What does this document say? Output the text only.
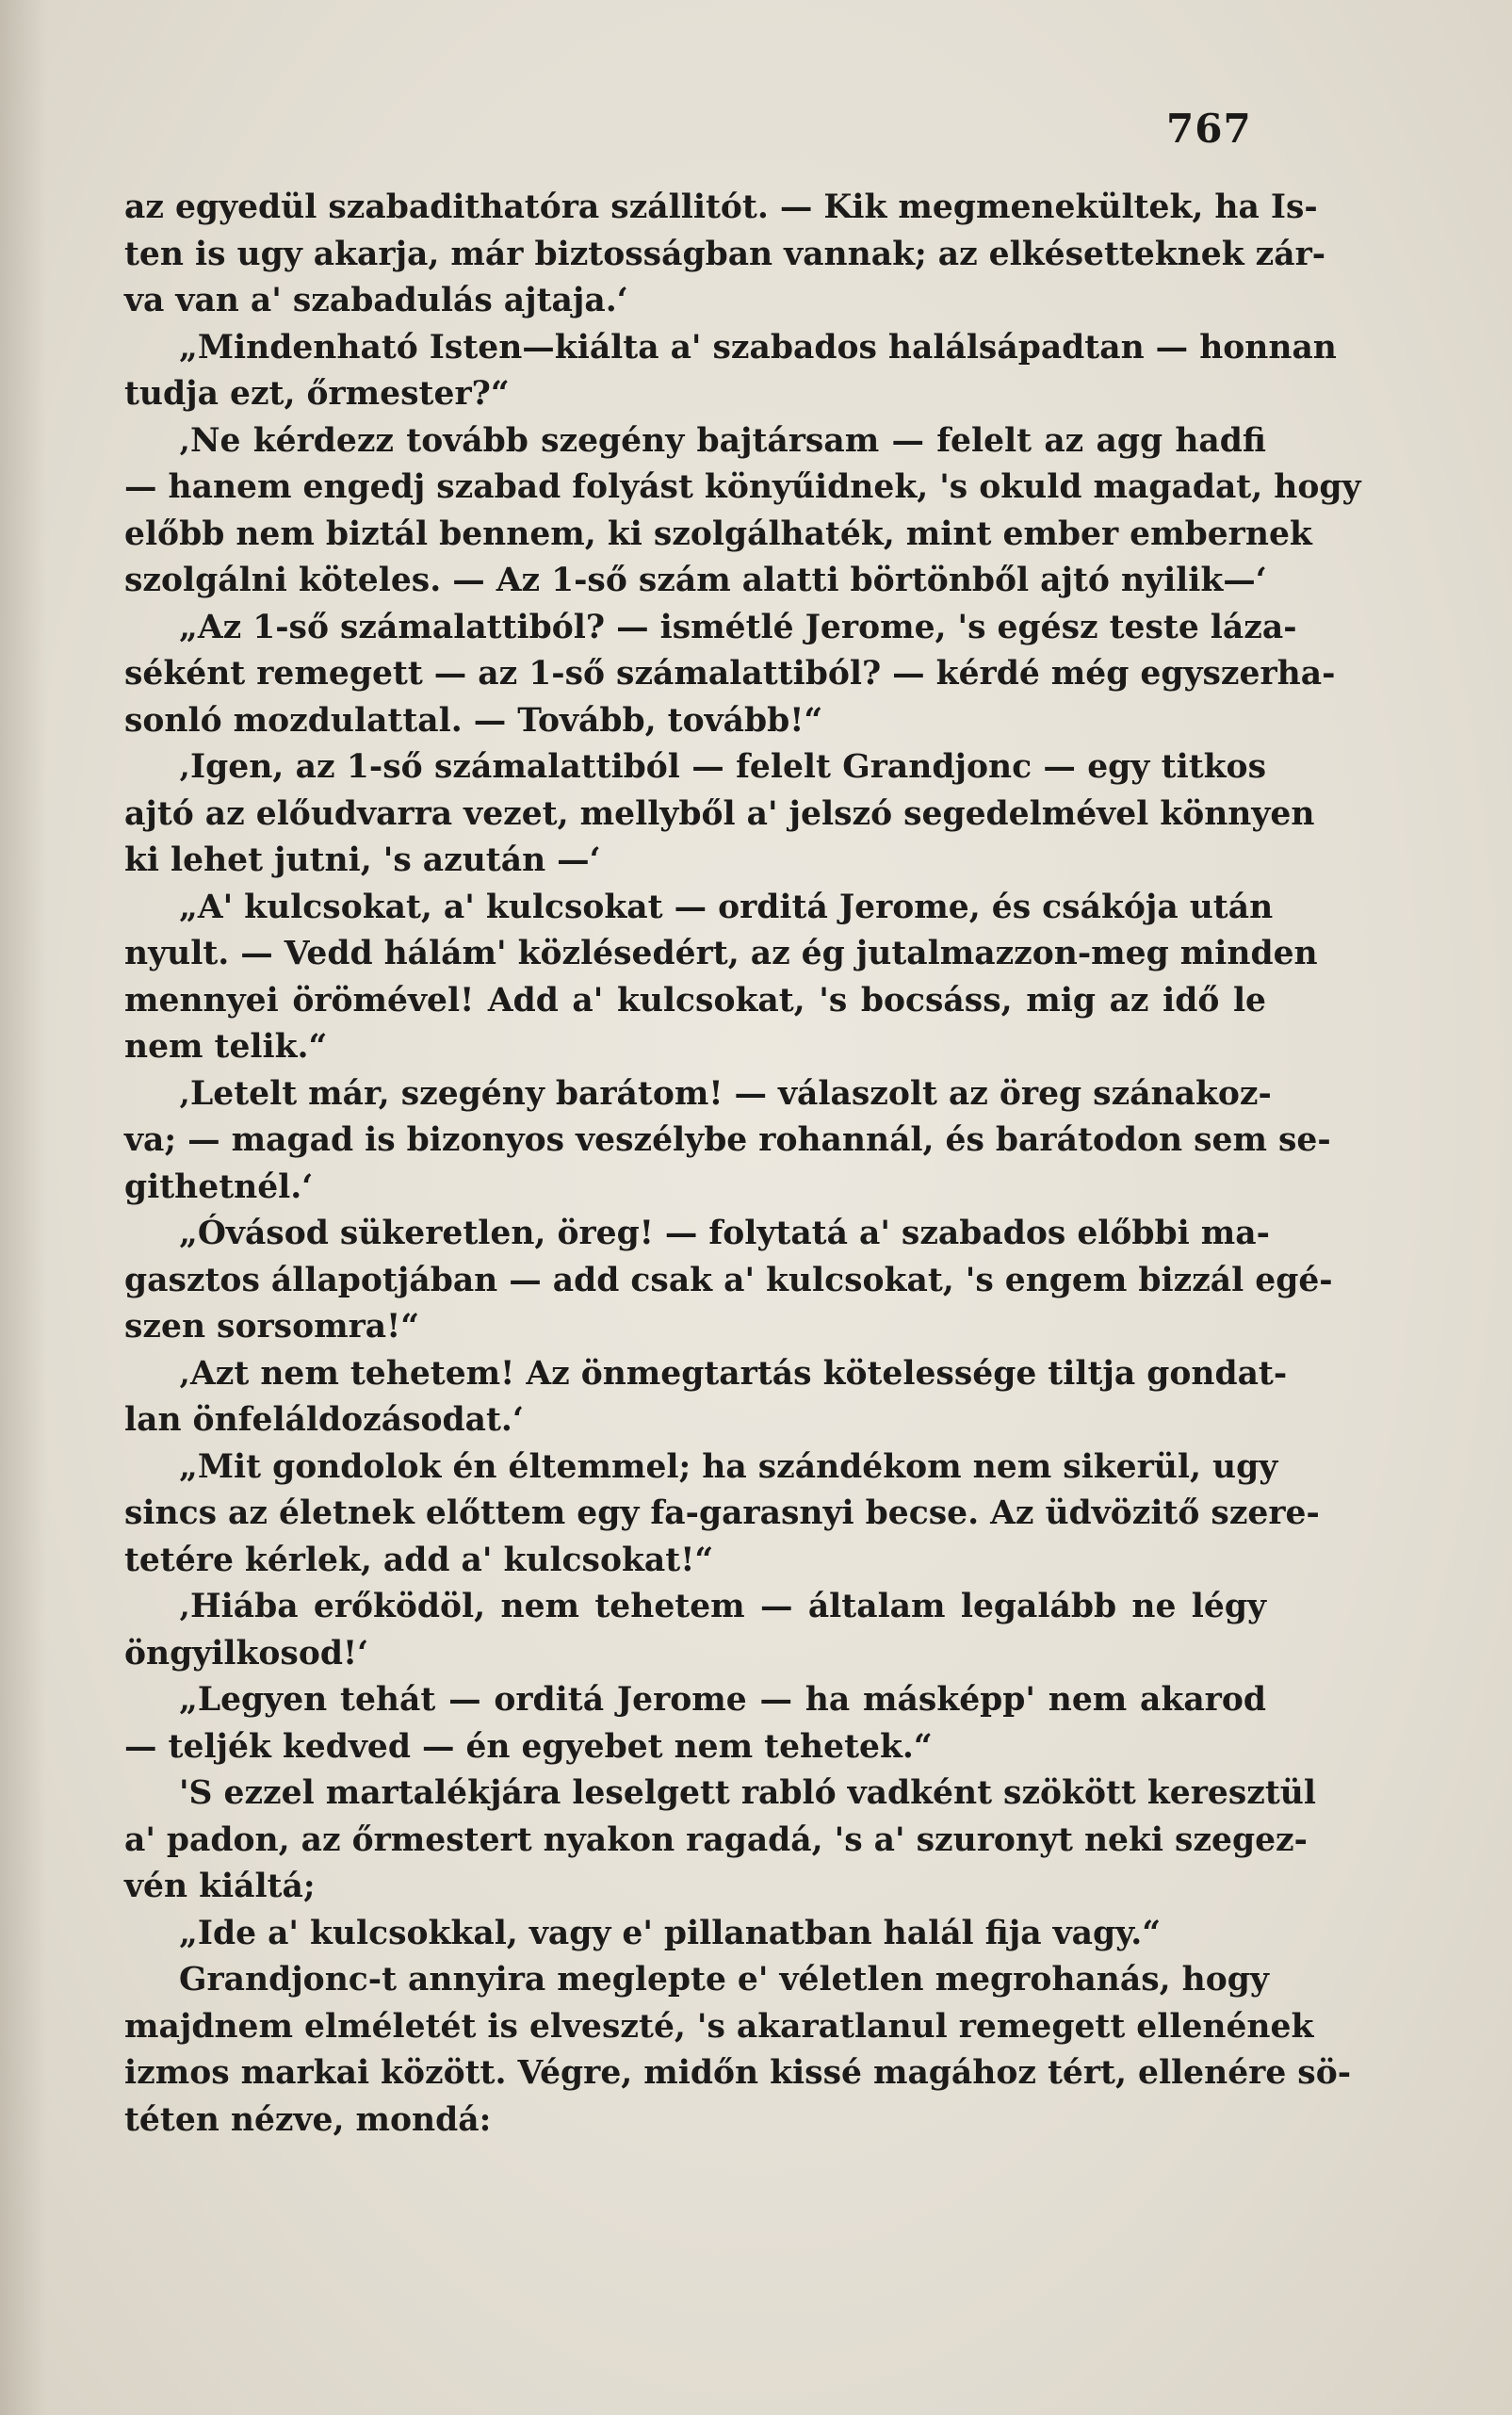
767
az egyedül szabadithatóra szállitót. — Kik megmenekültek, ha Is-
ten is ugy akarja, már biztosságban vannak; az elkésetteknek zár-
va van a' szabadulás ajtaja.‘
„Mindenható Isten—kiálta a' szabados halálsápadtan — honnan
tudja ezt, őrmester?“
‚Ne kérdezz tovább szegény bajtársam — felelt az agg hadfi
— hanem engedj szabad folyást könyűidnek, 's okuld magadat, hogy
előbb nem biztál bennem, ki szolgálhaték, mint ember embernek
szolgálni köteles. — Az 1-ső szám alatti börtönből ajtó nyilik—‘
„Az 1-ső számalattiból? — ismétlé Jerome, 's egész teste láza-
séként remegett — az 1-ső számalattiból? — kérdé még egyszerha-
sonló mozdulattal. — Tovább, tovább!“
‚Igen, az 1-ső számalattiból — felelt Grandjonc — egy titkos
ajtó az előudvarra vezet, mellyből a' jelszó segedelmével könnyen
ki lehet jutni, 's azután —‘
„A' kulcsokat, a' kulcsokat — orditá Jerome, és csákója után
nyult. — Vedd hálám' közlésedért, az ég jutalmazzon-meg minden
mennyei örömével! Add a' kulcsokat, 's bocsáss, mig az idő le
nem telik.“
‚Letelt már, szegény barátom! — válaszolt az öreg szánakoz-
va; — magad is bizonyos veszélybe rohannál, és barátodon sem se-
githetnél.‘
„Óvásod sükeretlen, öreg! — folytatá a' szabados előbbi ma-
gasztos állapotjában — add csak a' kulcsokat, 's engem bizzál egé-
szen sorsomra!“
‚Azt nem tehetem! Az önmegtartás kötelessége tiltja gondat-
lan önfeláldozásodat.‘
„Mit gondolok én éltemmel; ha szándékom nem sikerül, ugy
sincs az életnek előttem egy fa-garasnyi becse. Az üdvözitő szere-
tetére kérlek, add a' kulcsokat!“
‚Hiába erőködöl, nem tehetem — általam legalább ne légy
öngyilkosod!‘
„Legyen tehát — orditá Jerome — ha másképp' nem akarod
— teljék kedved — én egyebet nem tehetek.“
'S ezzel martalékjára leselgett rabló vadként szökött keresztül
a' padon, az őrmestert nyakon ragadá, 's a' szuronyt neki szegez-
vén kiáltá;
„Ide a' kulcsokkal, vagy e' pillanatban halál fija vagy.“
Grandjonc-t annyira meglepte e' véletlen megrohanás, hogy
majdnem elméletét is elveszté, 's akaratlanul remegett ellenének
izmos markai között. Végre, midőn kissé magához tért, ellenére sö-
téten nézve, mondá:
